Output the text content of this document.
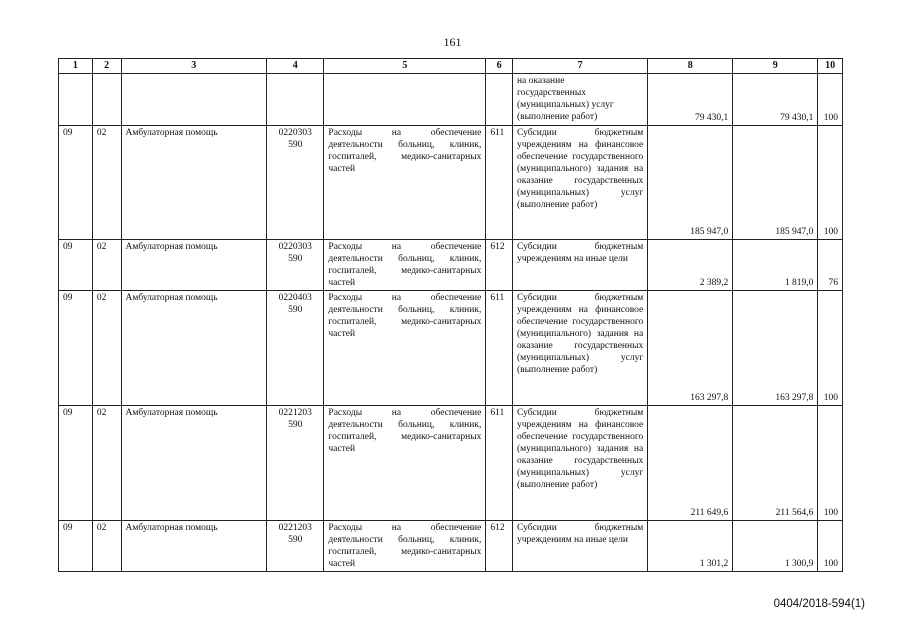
161
1	2	3	4	5	6	7	8	9	10
						на оказание
государственных
(муниципальных) услуг
(выполнение работ)	79 430,1	79 430,1	100
09	02	Амбулаторная помощь	0220303 590	Расходы на обеспечение деятельности больниц, клиник, госпиталей, медико-санитарных частей	611	Субсидии бюджетным учреждениям на финансовое обеспечение государственного (муниципального) задания на оказание государственных (муниципальных) услуг (выполнение работ)	185 947,0	185 947,0	100
09	02	Амбулаторная помощь	0220303 590	Расходы на обеспечение деятельности больниц, клиник, госпиталей, медико-санитарных частей	612	Субсидии бюджетным учреждениям на иные цели	2 389,2	1 819,0	76
09	02	Амбулаторная помощь	0220403 590	Расходы на обеспечение деятельности больниц, клиник, госпиталей, медико-санитарных частей	611	Субсидии бюджетным учреждениям на финансовое обеспечение государственного (муниципального) задания на оказание государственных (муниципальных) услуг (выполнение работ)	163 297,8	163 297,8	100
09	02	Амбулаторная помощь	0221203 590	Расходы на обеспечение деятельности больниц, клиник, госпиталей, медико-санитарных частей	611	Субсидии бюджетным учреждениям на финансовое обеспечение государственного (муниципального) задания на оказание государственных (муниципальных) услуг (выполнение работ)	211 649,6	211 564,6	100
09	02	Амбулаторная помощь	0221203 590	Расходы на обеспечение деятельности больниц, клиник, госпиталей, медико-санитарных частей	612	Субсидии бюджетным учреждениям на иные цели	1 301,2	1 300,9	100
0404/2018-594(1)
